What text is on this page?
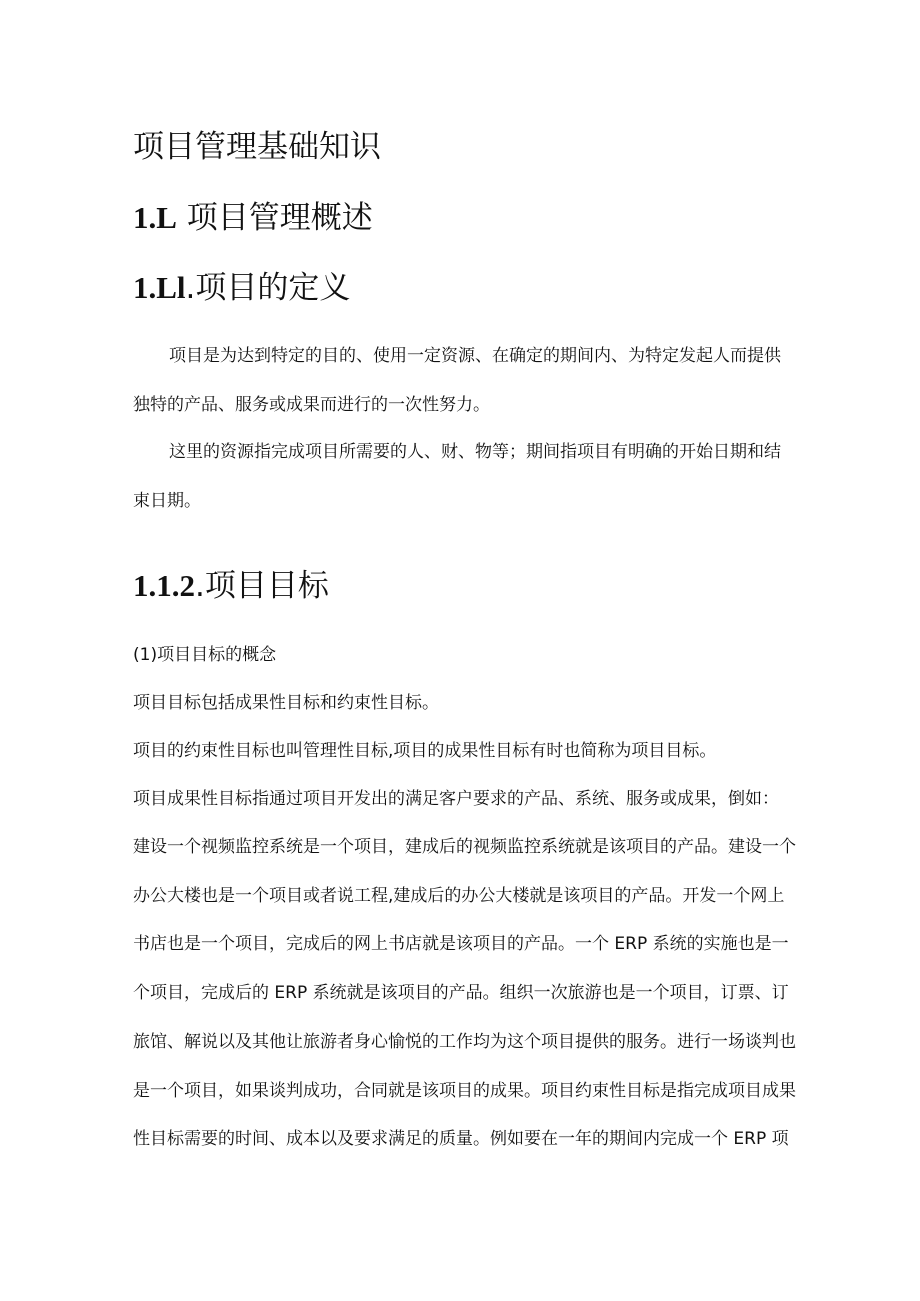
项目管理基础知识
1.L 项目管理概述
1.Ll.项目的定义

项目是为达到特定的目的、使用一定资源、在确定的期间内、为特定发起人而提供

独特的产品、服务或成果而进行的一次性努力。

这里的资源指完成项目所需要的人、财、物等；期间指项目有明确的开始日期和结

束日期。

1.1.2.项目目标

(1)项目目标的概念

项目目标包括成果性目标和约束性目标。

项目的约束性目标也叫管理性目标,项目的成果性目标有时也简称为项目目标。

项目成果性目标指通过项目开发出的满足客户要求的产品、系统、服务或成果，倒如：

建设一个视频监控系统是一个项目，建成后的视频监控系统就是该项目的产品。建设一个

办公大楼也是一个项目或者说工程,建成后的办公大楼就是该项目的产品。开发一个网上

书店也是一个项目，完成后的网上书店就是该项目的产品。一个 ERP 系统的实施也是一

个项目，完成后的 ERP 系统就是该项目的产品。组织一次旅游也是一个项目，订票、订

旅馆、解说以及其他让旅游者身心愉悦的工作均为这个项目提供的服务。进行一场谈判也

是一个项目，如果谈判成功，合同就是该项目的成果。项目约束性目标是指完成项目成果

性目标需要的时间、成本以及要求满足的质量。例如要在一年的期间内完成一个 ERP 项
